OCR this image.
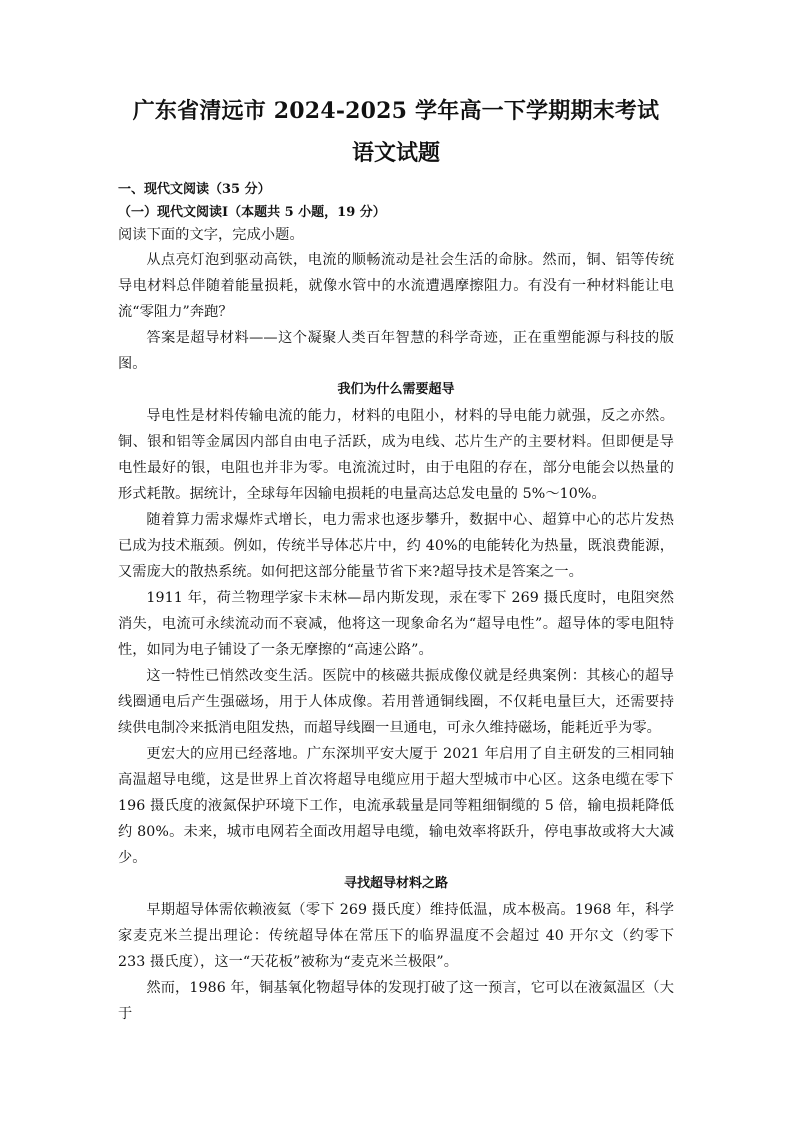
广东省清远市 2024-2025 学年高一下学期期末考试
语文试题

一、现代文阅读（35 分）

（一）现代文阅读Ⅰ（本题共 5 小题，19 分）

阅读下面的文字，完成小题。

从点亮灯泡到驱动高铁，电流的顺畅流动是社会生活的命脉。然而，铜、铝等传统导电材料总伴随着能量损耗，就像水管中的水流遭遇摩擦阻力。有没有一种材料能让电流“零阻力”奔跑？

答案是超导材料——这个凝聚人类百年智慧的科学奇迹，正在重塑能源与科技的版图。

我们为什么需要超导

导电性是材料传输电流的能力，材料的电阻小，材料的导电能力就强，反之亦然。铜、银和铝等金属因内部自由电子活跃，成为电线、芯片生产的主要材料。但即便是导电性最好的银，电阻也并非为零。电流流过时，由于电阻的存在，部分电能会以热量的形式耗散。据统计，全球每年因输电损耗的电量高达总发电量的 5%～10%。

随着算力需求爆炸式增长，电力需求也逐步攀升，数据中心、超算中心的芯片发热已成为技术瓶颈。例如，传统半导体芯片中，约 40%的电能转化为热量，既浪费能源，又需庞大的散热系统。如何把这部分能量节省下来?超导技术是答案之一。

1911 年，荷兰物理学家卡末林—昂内斯发现，汞在零下 269 摄氏度时，电阻突然消失，电流可永续流动而不衰减，他将这一现象命名为“超导电性”。超导体的零电阻特性，如同为电子铺设了一条无摩擦的“高速公路”。

这一特性已悄然改变生活。医院中的核磁共振成像仪就是经典案例：其核心的超导线圈通电后产生强磁场，用于人体成像。若用普通铜线圈，不仅耗电量巨大，还需要持续供电制冷来抵消电阻发热，而超导线圈一旦通电，可永久维持磁场，能耗近乎为零。

更宏大的应用已经落地。广东深圳平安大厦于 2021 年启用了自主研发的三相同轴高温超导电缆，这是世界上首次将超导电缆应用于超大型城市中心区。这条电缆在零下 196 摄氏度的液氮保护环境下工作，电流承载量是同等粗细铜缆的 5 倍，输电损耗降低约 80%。未来，城市电网若全面改用超导电缆，输电效率将跃升，停电事故或将大大减少。

寻找超导材料之路

早期超导体需依赖液氦（零下 269 摄氏度）维持低温，成本极高。1968 年，科学家麦克米兰提出理论：传统超导体在常压下的临界温度不会超过 40 开尔文（约零下 233 摄氏度），这一“天花板”被称为“麦克米兰极限”。

然而，1986 年，铜基氧化物超导体的发现打破了这一预言，它可以在液氮温区（大于
